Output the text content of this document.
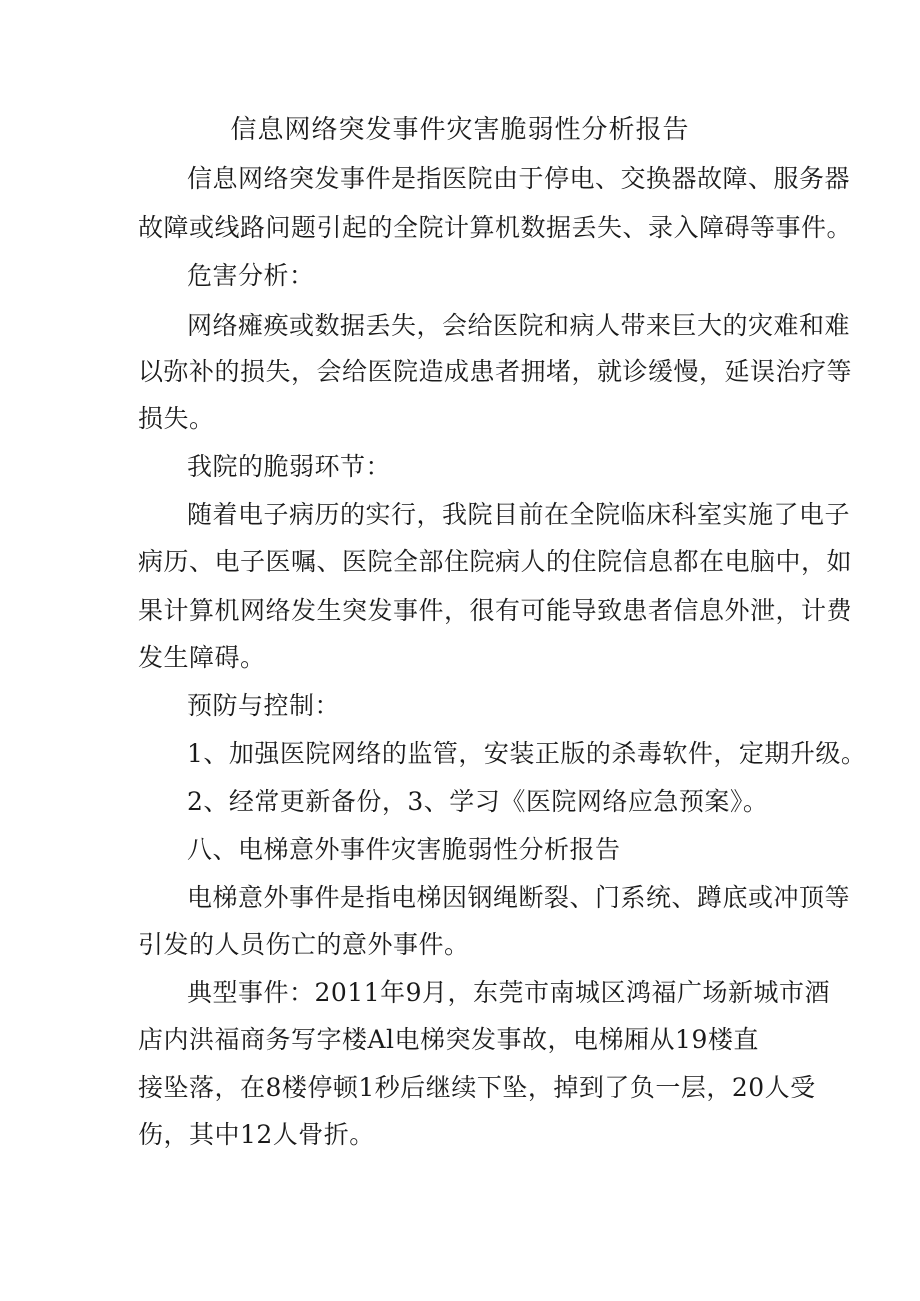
信息网络突发事件灾害脆弱性分析报告
信息网络突发事件是指医院由于停电、交换器故障、服务器
故障或线路问题引起的全院计算机数据丢失、录入障碍等事件。
危害分析：
网络瘫痪或数据丢失，会给医院和病人带来巨大的灾难和难
以弥补的损失，会给医院造成患者拥堵，就诊缓慢，延误治疗等
损失。
我院的脆弱环节：
随着电子病历的实行，我院目前在全院临床科室实施了电子
病历、电子医嘱、医院全部住院病人的住院信息都在电脑中，如
果计算机网络发生突发事件，很有可能导致患者信息外泄，计费
发生障碍。
预防与控制：
1、加强医院网络的监管，安装正版的杀毒软件，定期升级。
2、经常更新备份，3、学习《医院网络应急预案》。
八、电梯意外事件灾害脆弱性分析报告
电梯意外事件是指电梯因钢绳断裂、门系统、蹲底或冲顶等
引发的人员伤亡的意外事件。
典型事件：2011年9月，东莞市南城区鸿福广场新城市酒
店内洪福商务写字楼Al电梯突发事故，电梯厢从19楼直
接坠落，在8楼停顿1秒后继续下坠，掉到了负一层，20人受
伤，其中12人骨折。
